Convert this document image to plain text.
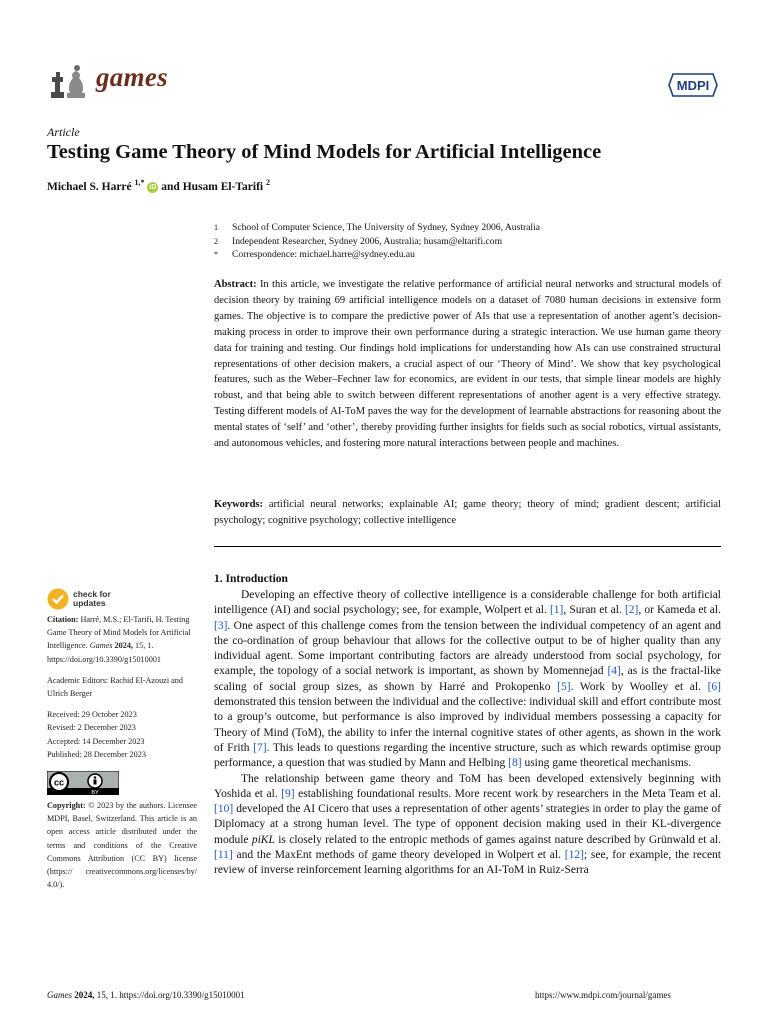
games	MDPI
Article
Testing Game Theory of Mind Models for Artificial Intelligence
Michael S. Harré $^{1,*}$ iD and Husam El-Tarifi $^2$
1	School of Computer Science, The University of Sydney, Sydney 2006, Australia
2	Independent Researcher, Sydney 2006, Australia; husam@eltarifi.com
*	Correspondence: michael.harre@sydney.edu.au

Abstract: In this article, we investigate the relative performance of artificial neural networks and structural models of decision theory by training 69 artificial intelligence models on a dataset of 7080 human decisions in extensive form games. The objective is to compare the predictive power of AIs that use a representation of another agent’s decision-making process in order to improve their own performance during a strategic interaction. We use human game theory data for training and testing. Our findings hold implications for understanding how AIs can use constrained structural representations of other decision makers, a crucial aspect of our ‘Theory of Mind’. We show that key psychological features, such as the Weber–Fechner law for economics, are evident in our tests, that simple linear models are highly robust, and that being able to switch between different representations of another agent is a very effective strategy. Testing different models of AI-ToM paves the way for the development of learnable abstractions for reasoning about the mental states of ‘self’ and ‘other’, thereby providing further insights for fields such as social robotics, virtual assistants, and autonomous vehicles, and fostering more natural interactions between people and machines.

Keywords: artificial neural networks; explainable AI; game theory; theory of mind; gradient descent; artificial psychology; cognitive psychology; collective intelligence

check for
updates

Citation: Harré, M.S.; El-Tarifi, H. Testing Game Theory of Mind Models for Artificial Intelligence. Games 2024, 15, 1. https://doi.org/10.3390/g15010001

Academic Editors: Rachid El-Azouzi and Ulrich Berger

Received: 29 October 2023

Revised: 2 December 2023

Accepted: 14 December 2023

Published: 28 December 2023

cc
BY

Copyright: © 2023 by the authors. Licensee MDPI, Basel, Switzerland. This article is an open access article distributed under the terms and conditions of the Creative Commons Attribution (CC BY) license (https:// creativecommons.org/licenses/by/ 4.0/).

1. Introduction

Developing an effective theory of collective intelligence is a considerable challenge for both artificial intelligence (AI) and social psychology; see, for example, Wolpert et al. [1], Suran et al. [2], or Kameda et al. [3]. One aspect of this challenge comes from the tension between the individual competency of an agent and the co-ordination of group behaviour that allows for the collective output to be of higher quality than any individual agent. Some important contributing factors are already understood from social psychology, for example, the topology of a social network is important, as shown by Momennejad [4], as is the fractal-like scaling of social group sizes, as shown by Harré and Prokopenko [5]. Work by Woolley et al. [6] demonstrated this tension between the individual and the collective: individual skill and effort contribute most to a group’s outcome, but performance is also improved by individual members possessing a capacity for Theory of Mind (ToM), the ability to infer the internal cognitive states of other agents, as shown in the work of Frith [7]. This leads to questions regarding the incentive structure, such as which rewards optimise group performance, a question that was studied by Mann and Helbing [8] using game theoretical mechanisms.

The relationship between game theory and ToM has been developed extensively beginning with Yoshida et al. [9] establishing foundational results. More recent work by researchers in the Meta Team et al. [10] developed the AI Cicero that uses a representation of other agents’ strategies in order to play the game of Diplomacy at a strong human level. The type of opponent decision making used in their KL-divergence module piKL is closely related to the entropic methods of games against nature described by Grünwald et al. [11] and the MaxEnt methods of game theory developed in Wolpert et al. [12]; see, for example, the recent review of inverse reinforcement learning algorithms for an AI-ToM in Ruiz-Serra

Games 2024, 15, 1. https://doi.org/10.3390/g15010001	https://www.mdpi.com/journal/games
